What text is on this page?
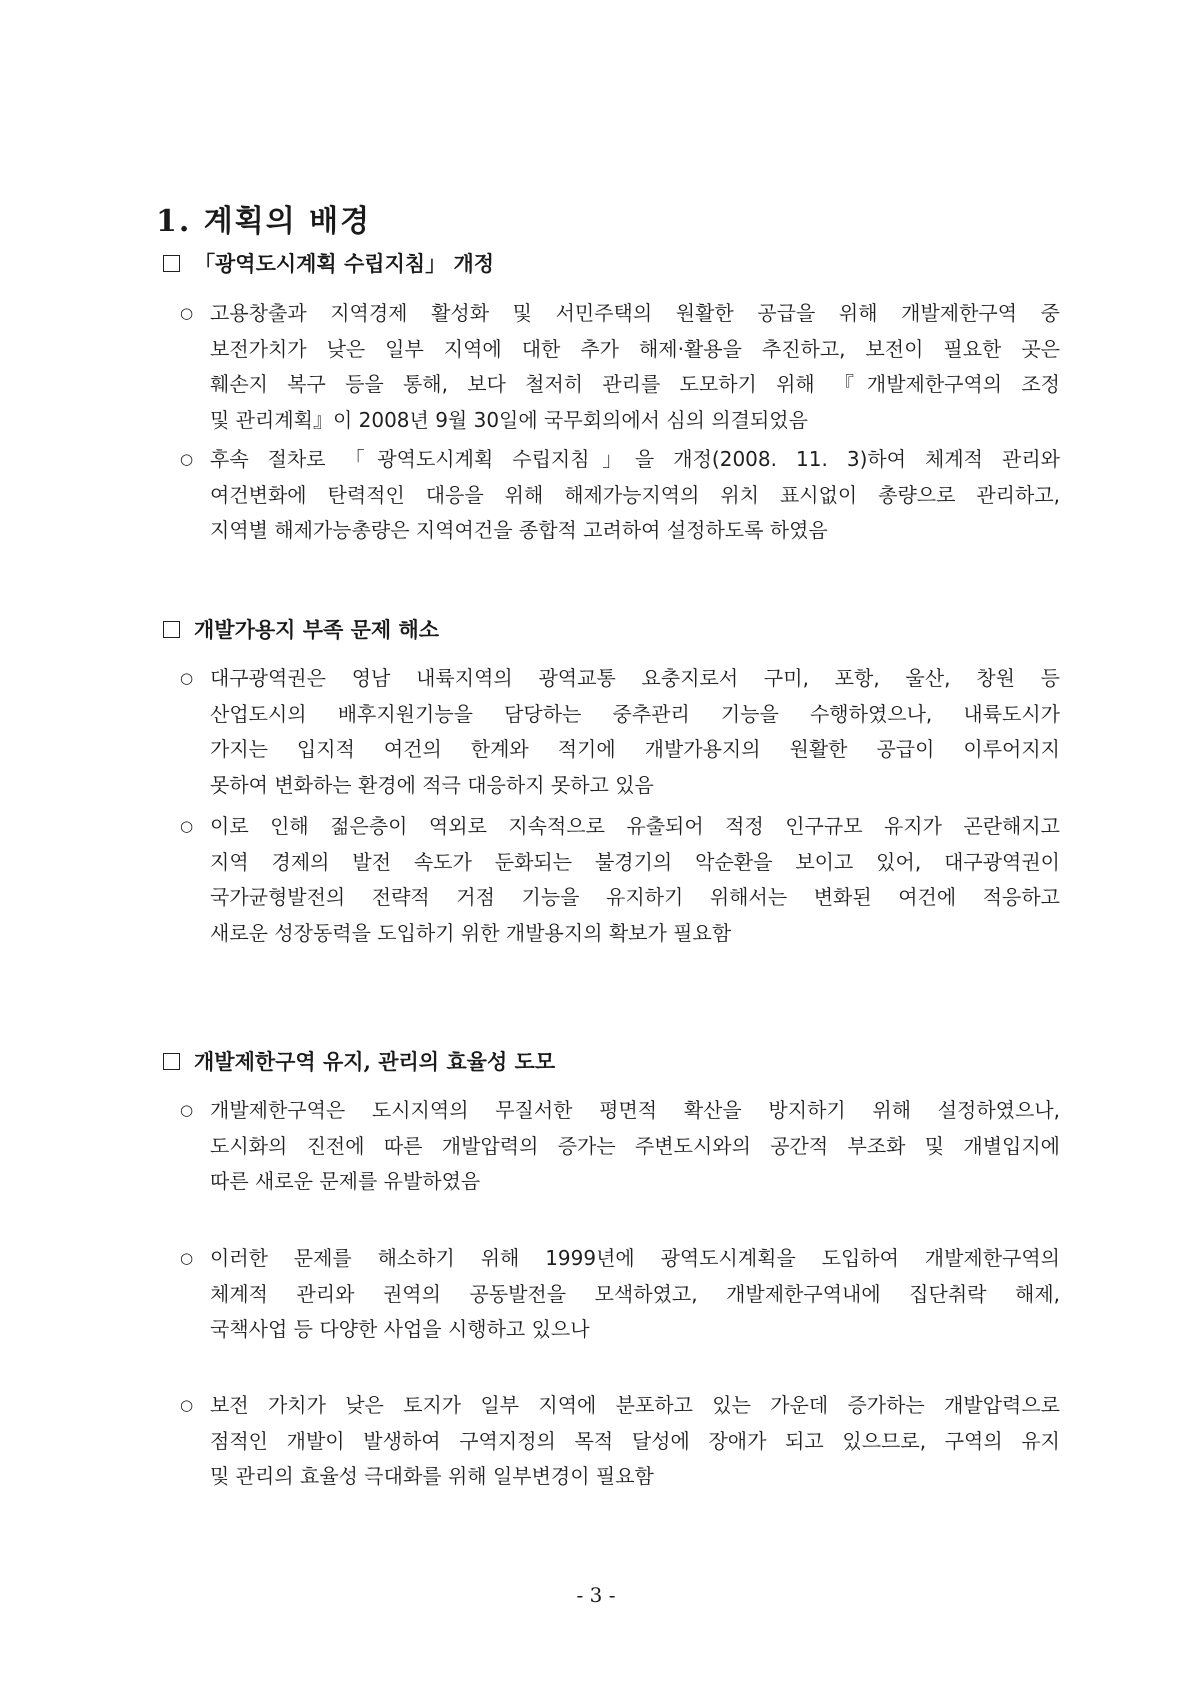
1. 계획의 배경
「광역도시계획 수립지침」 개정
○ 고용창출과 지역경제 활성화 및 서민주택의 원활한 공급을 위해 개발제한구역 중
보전가치가 낮은 일부 지역에 대한 추가 해제·활용을 추진하고, 보전이 필요한 곳은
훼손지 복구 등을 통해, 보다 철저히 관리를 도모하기 위해 『개발제한구역의 조정
및 관리계획』이 2008년 9월 30일에 국무회의에서 심의 의결되었음
○ 후속 절차로 「광역도시계획 수립지침」을 개정(2008. 11. 3)하여 체계적 관리와
여건변화에 탄력적인 대응을 위해 해제가능지역의 위치 표시없이 총량으로 관리하고,
지역별 해제가능총량은 지역여건을 종합적 고려하여 설정하도록 하였음
개발가용지 부족 문제 해소
○ 대구광역권은 영남 내륙지역의 광역교통 요충지로서 구미, 포항, 울산, 창원 등
산업도시의 배후지원기능을 담당하는 중추관리 기능을 수행하였으나, 내륙도시가
가지는 입지적 여건의 한계와 적기에 개발가용지의 원활한 공급이 이루어지지
못하여 변화하는 환경에 적극 대응하지 못하고 있음
○ 이로 인해 젊은층이 역외로 지속적으로 유출되어 적정 인구규모 유지가 곤란해지고
지역 경제의 발전 속도가 둔화되는 불경기의 악순환을 보이고 있어, 대구광역권이
국가균형발전의 전략적 거점 기능을 유지하기 위해서는 변화된 여건에 적응하고
새로운 성장동력을 도입하기 위한 개발용지의 확보가 필요함
개발제한구역 유지, 관리의 효율성 도모
○ 개발제한구역은 도시지역의 무질서한 평면적 확산을 방지하기 위해 설정하였으나,
도시화의 진전에 따른 개발압력의 증가는 주변도시와의 공간적 부조화 및 개별입지에
따른 새로운 문제를 유발하였음
○ 이러한 문제를 해소하기 위해 1999년에 광역도시계획을 도입하여 개발제한구역의
체계적 관리와 권역의 공동발전을 모색하였고, 개발제한구역내에 집단취락 해제,
국책사업 등 다양한 사업을 시행하고 있으나
○ 보전 가치가 낮은 토지가 일부 지역에 분포하고 있는 가운데 증가하는 개발압력으로
점적인 개발이 발생하여 구역지정의 목적 달성에 장애가 되고 있으므로, 구역의 유지
및 관리의 효율성 극대화를 위해 일부변경이 필요함
- 3 -
